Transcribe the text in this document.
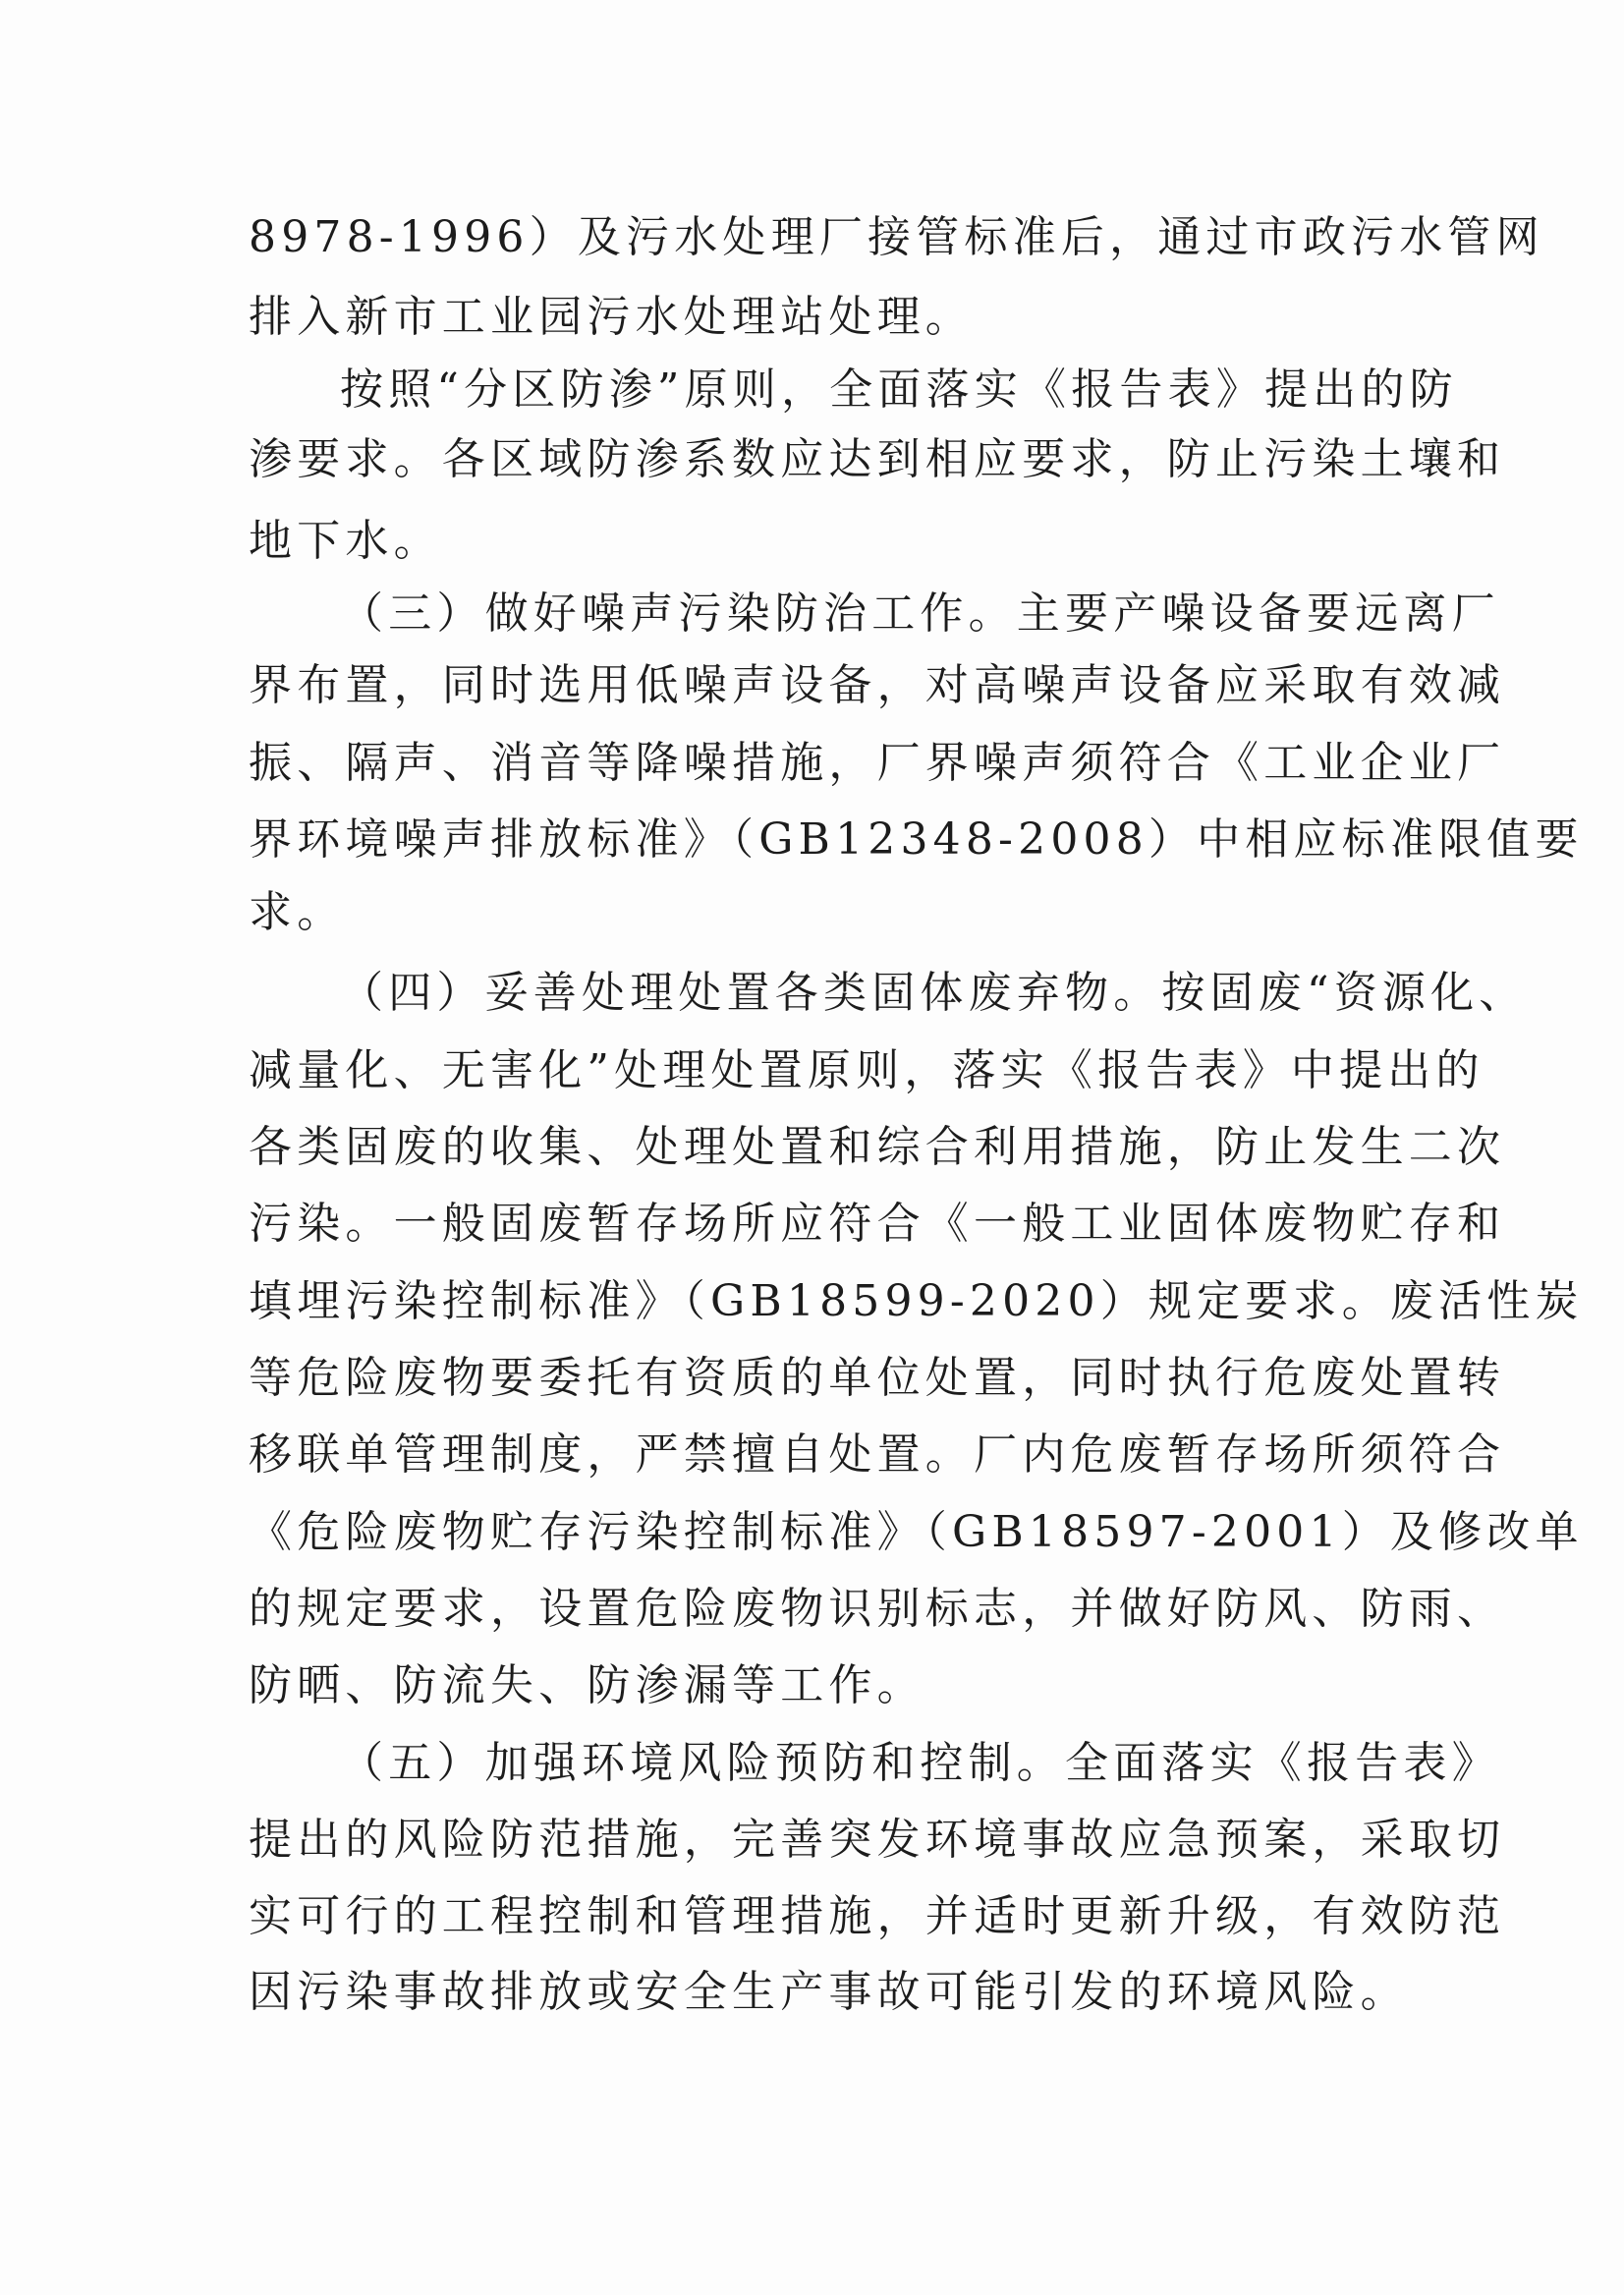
8978-1996）及污水处理厂接管标准后，通过市政污水管网
排入新市工业园污水处理站处理。
按照“分区防渗”原则，全面落实《报告表》提出的防
渗要求。各区域防渗系数应达到相应要求，防止污染土壤和
地下水。
（三）做好噪声污染防治工作。主要产噪设备要远离厂
界布置，同时选用低噪声设备，对高噪声设备应采取有效减
振、隔声、消音等降噪措施，厂界噪声须符合《工业企业厂
界环境噪声排放标准》（GB12348-2008）中相应标准限值要
求。
（四）妥善处理处置各类固体废弃物。按固废“资源化、
减量化、无害化”处理处置原则，落实《报告表》中提出的
各类固废的收集、处理处置和综合利用措施，防止发生二次
污染。一般固废暂存场所应符合《一般工业固体废物贮存和
填埋污染控制标准》（GB18599-2020）规定要求。废活性炭
等危险废物要委托有资质的单位处置，同时执行危废处置转
移联单管理制度，严禁擅自处置。厂内危废暂存场所须符合
《危险废物贮存污染控制标准》（GB18597-2001）及修改单
的规定要求，设置危险废物识别标志，并做好防风、防雨、
防晒、防流失、防渗漏等工作。
（五）加强环境风险预防和控制。全面落实《报告表》
提出的风险防范措施，完善突发环境事故应急预案，采取切
实可行的工程控制和管理措施，并适时更新升级，有效防范
因污染事故排放或安全生产事故可能引发的环境风险。
